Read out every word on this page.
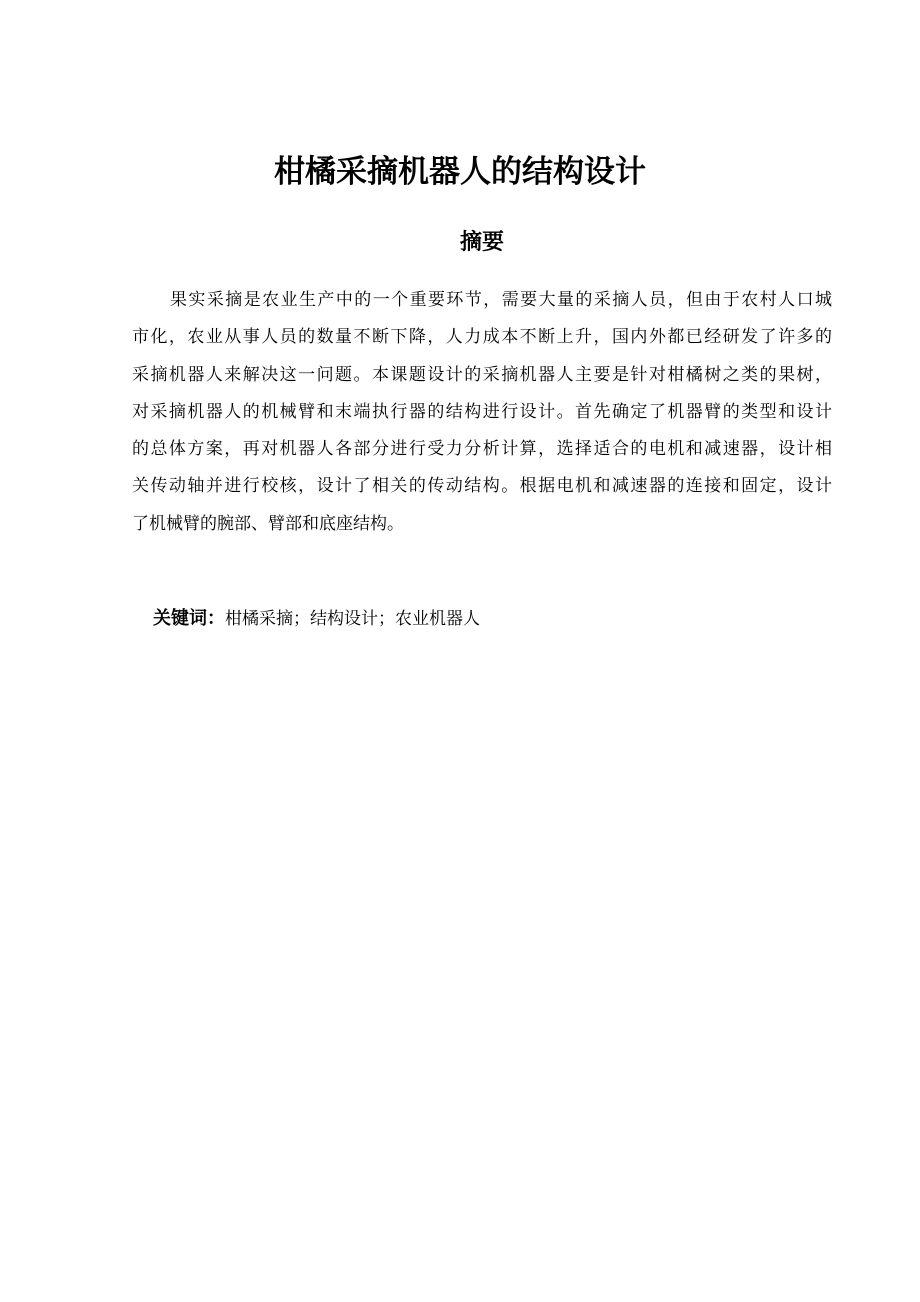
柑橘采摘机器人的结构设计
摘要
果实采摘是农业生产中的一个重要环节，需要大量的采摘人员，但由于农村人口城
市化，农业从事人员的数量不断下降，人力成本不断上升，国内外都已经研发了许多的
采摘机器人来解决这一问题。本课题设计的采摘机器人主要是针对柑橘树之类的果树，
对采摘机器人的机械臂和末端执行器的结构进行设计。首先确定了机器臂的类型和设计
的总体方案，再对机器人各部分进行受力分析计算，选择适合的电机和减速器，设计相
关传动轴并进行校核，设计了相关的传动结构。根据电机和减速器的连接和固定，设计
了机械臂的腕部、臂部和底座结构。
关键词：柑橘采摘；结构设计；农业机器人
